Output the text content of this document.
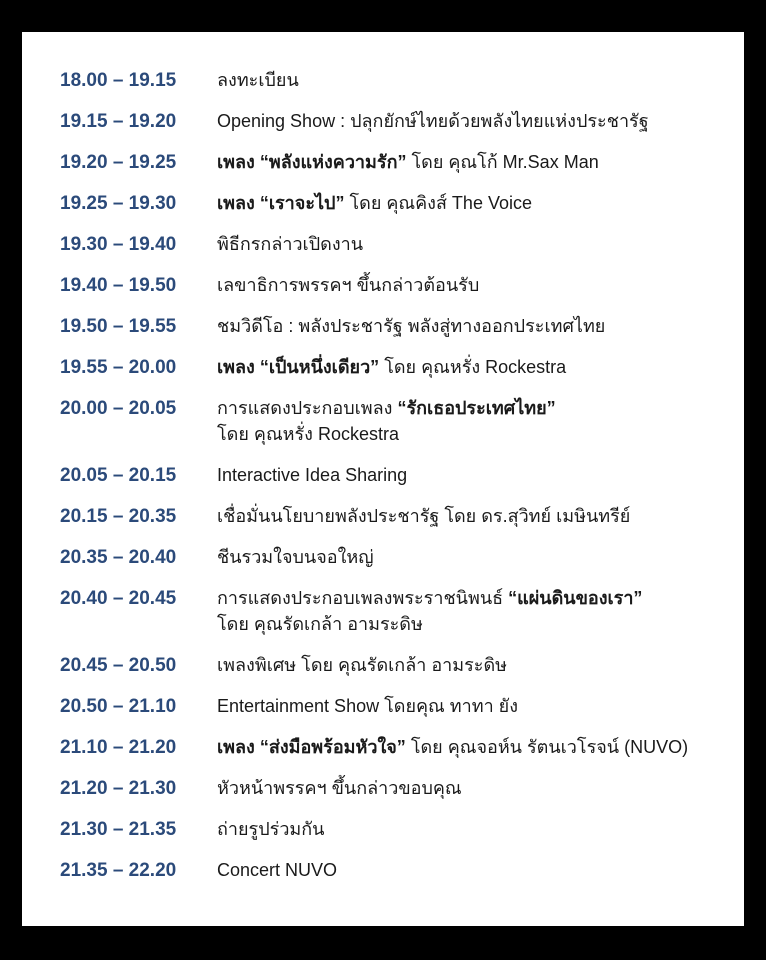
18.00 – 19.15	ลงทะเบียน
19.15 – 19.20	Opening Show : ปลุกยักษ์ไทยด้วยพลังไทยแห่งประชารัฐ
19.20 – 19.25	เพลง “พลังแห่งความรัก” โดย คุณโก้ Mr.Sax Man
19.25 – 19.30	เพลง “เราจะไป” โดย คุณคิงส์ The Voice
19.30 – 19.40	พิธีกรกล่าวเปิดงาน
19.40 – 19.50	เลขาธิการพรรคฯ ขึ้นกล่าวต้อนรับ
19.50 – 19.55	ชมวิดีโอ : พลังประชารัฐ พลังสู่ทางออกประเทศไทย
19.55 – 20.00	เพลง “เป็นหนึ่งเดียว” โดย คุณหรั่ง Rockestra
20.00 – 20.05	การแสดงประกอบเพลง “รักเธอประเทศไทย”
โดย คุณหรั่ง Rockestra
20.05 – 20.15	Interactive Idea Sharing
20.15 – 20.35	เชื่อมั่นนโยบายพลังประชารัฐ โดย ดร.สุวิทย์ เมษินทรีย์
20.35 – 20.40	ชีนรวมใจบนจอใหญ่
20.40 – 20.45	การแสดงประกอบเพลงพระราชนิพนธ์ “แผ่นดินของเรา”
โดย คุณรัดเกล้า อามระดิษ
20.45 – 20.50	เพลงพิเศษ โดย คุณรัดเกล้า อามระดิษ
20.50 – 21.10	Entertainment Show โดยคุณ ทาทา ยัง
21.10 – 21.20	เพลง “ส่งมือพร้อมหัวใจ” โดย คุณจอห์น รัตนเวโรจน์ (NUVO)
21.20 – 21.30	หัวหน้าพรรคฯ ขึ้นกล่าวขอบคุณ
21.30 – 21.35	ถ่ายรูปร่วมกัน
21.35 – 22.20	Concert NUVO
